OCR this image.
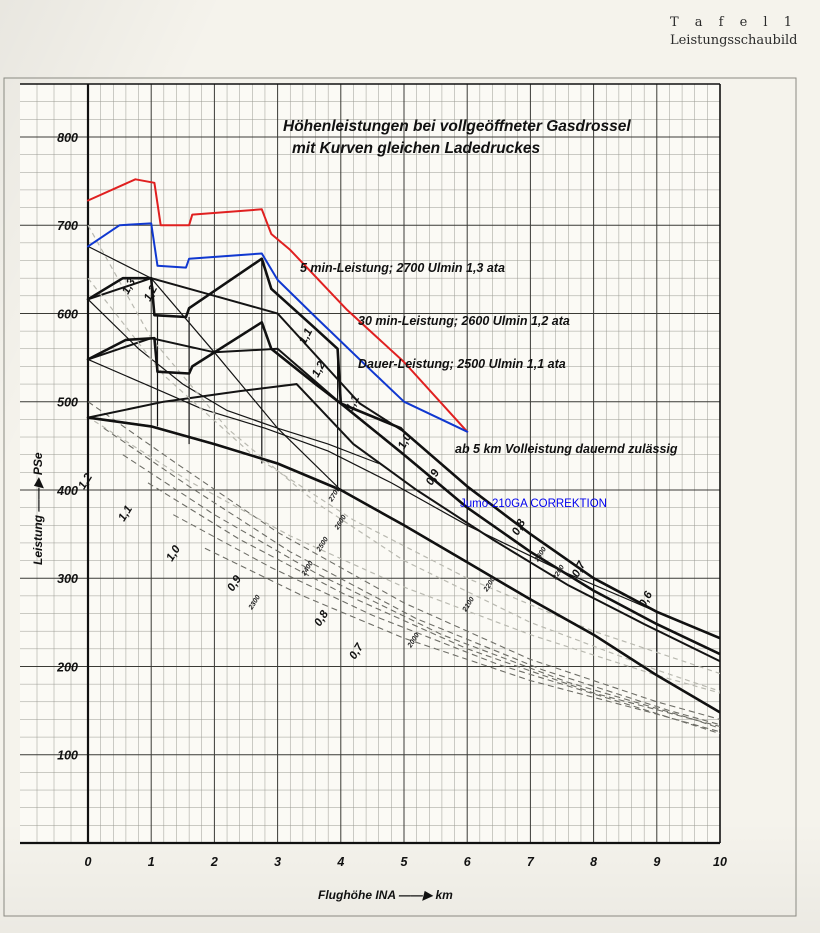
T a f e l 1
Leistungsschaubild
0	1	2	3	4	5	6	7	8	9	10
100
200
300
400
500
600
700
800
1,2
1,1
1,0
0,9
0,8
0,7
1,3 1,2
1,1
1,2
1,1
1,0
0,9
0,8
0,7
0,6
2700
2600
2500
2400
2300
2200
2100
2000
2300
2200
Höhenleistungen bei vollgeöffneter Gasdrossel
mit Kurven gleichen Ladedruckes
5 min-Leistung; 2700 Ulmin 1,3 ata
30 min-Leistung; 2600 Ulmin 1,2 ata
Dauer-Leistung; 2500 Ulmin 1,1 ata
ab 5 km Volleistung dauernd zulässig
Jumo-210GA CORREKTION
Flughöhe INA ——▶ km
Leistung ——▶ PSe
